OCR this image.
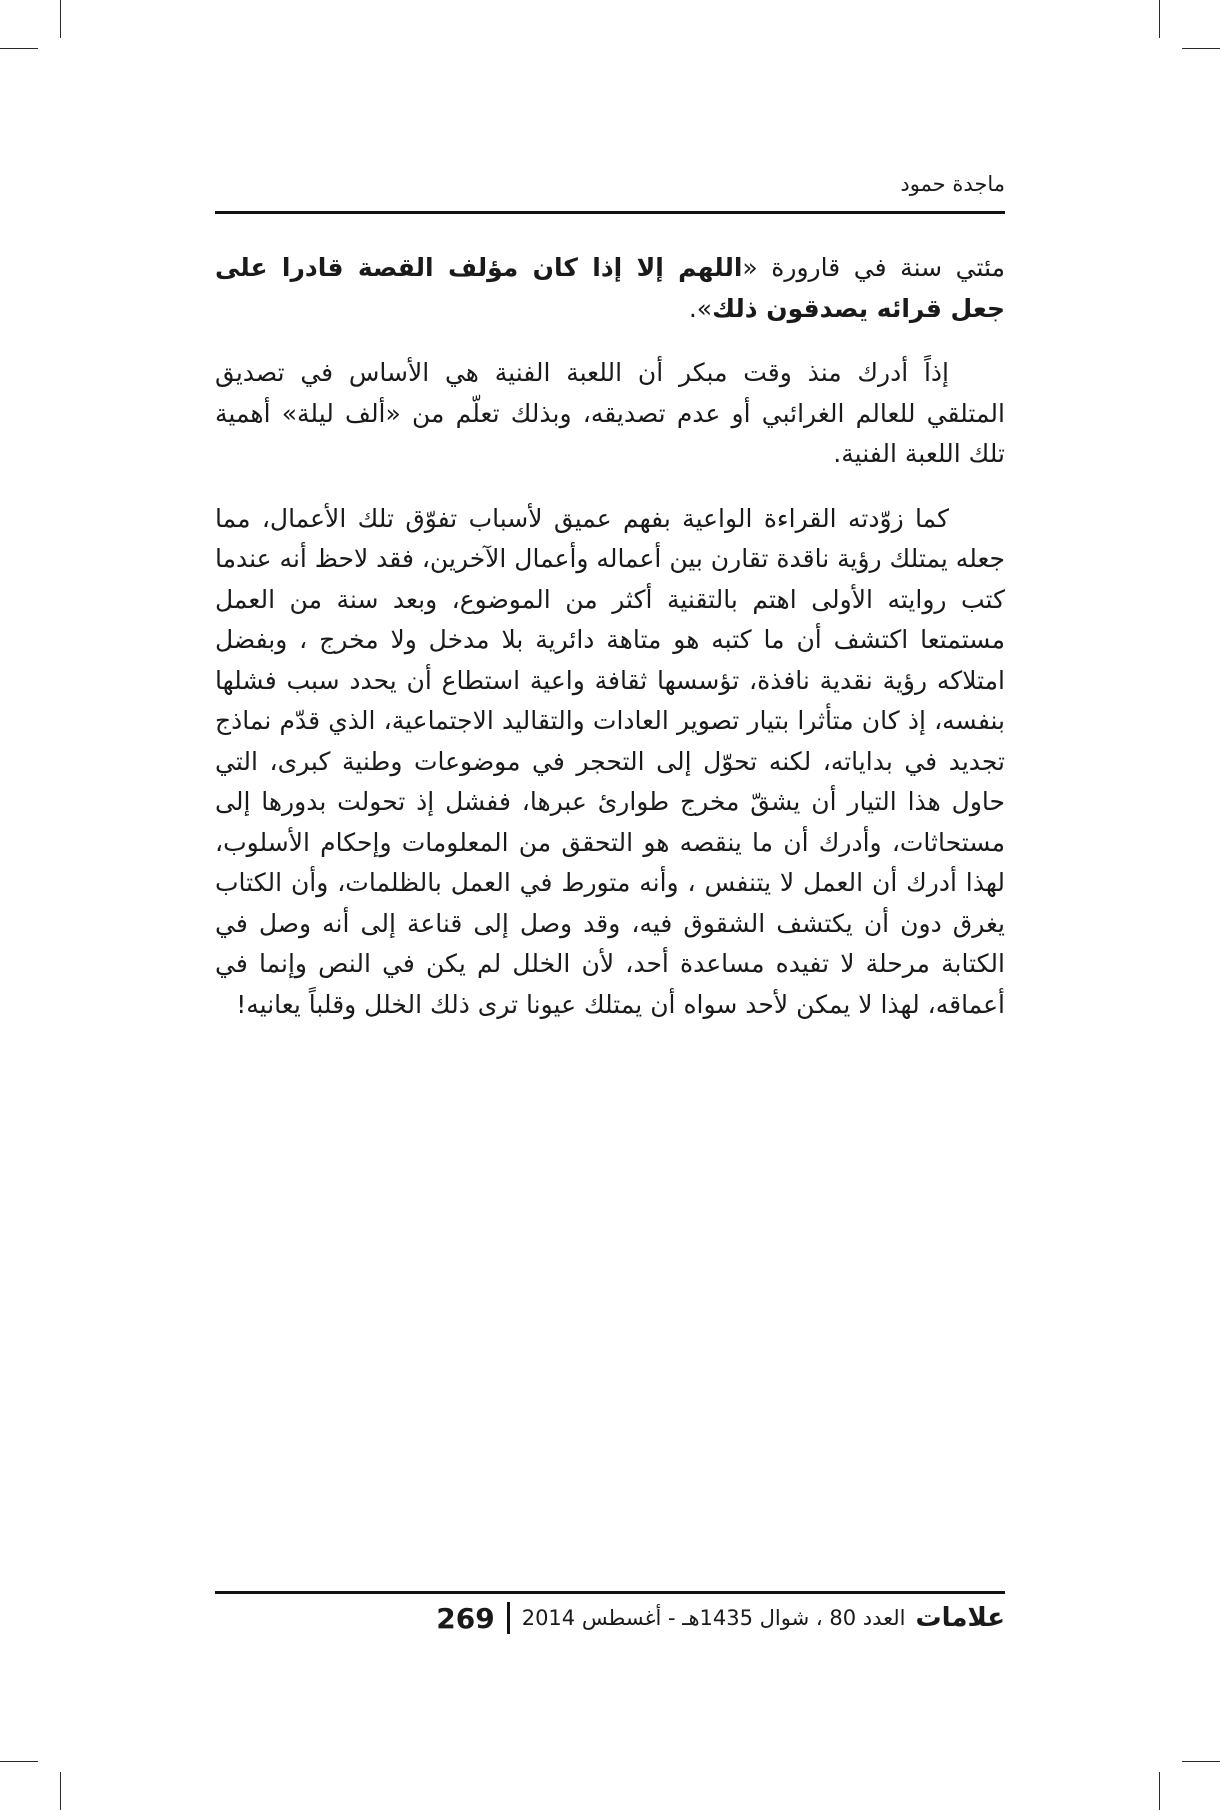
ماجدة حمود

مئتي سنة في قارورة «اللهم إلا إذا كان مؤلف القصة قادرا على جعل قرائه يصدقون ذلك».

إذاً أدرك منذ وقت مبكر أن اللعبة الفنية هي الأساس في تصديق المتلقي للعالم الغرائبي أو عدم تصديقه، وبذلك تعلّم من «ألف ليلة» أهمية تلك اللعبة الفنية.

كما زوّدته القراءة الواعية بفهم عميق لأسباب تفوّق تلك الأعمال، مما جعله يمتلك رؤية ناقدة تقارن بين أعماله وأعمال الآخرين، فقد لاحظ أنه عندما كتب روايته الأولى اهتم بالتقنية أكثر من الموضوع، وبعد سنة من العمل مستمتعا اكتشف أن ما كتبه هو متاهة دائرية بلا مدخل ولا مخرج ، وبفضل امتلاكه رؤية نقدية نافذة، تؤسسها ثقافة واعية استطاع أن يحدد سبب فشلها بنفسه، إذ كان متأثرا بتيار تصوير العادات والتقاليد الاجتماعية، الذي قدّم نماذج تجديد في بداياته، لكنه تحوّل إلى التحجر في موضوعات وطنية كبرى، التي حاول هذا التيار أن يشقّ مخرج طوارئ عبرها، ففشل إذ تحولت بدورها إلى مستحاثات، وأدرك أن ما ينقصه هو التحقق من المعلومات وإحكام الأسلوب، لهذا أدرك أن العمل لا يتنفس ، وأنه متورط في العمل بالظلمات، وأن الكتاب يغرق دون أن يكتشف الشقوق فيه، وقد وصل إلى قناعة إلى أنه وصل في الكتابة مرحلة لا تفيده مساعدة أحد، لأن الخلل لم يكن في النص وإنما في أعماقه، لهذا لا يمكن لأحد سواه أن يمتلك عيونا ترى ذلك الخلل وقلباً يعانيه!

علامات
العدد 80 ، شوال 1435هـ - أغسطس 2014
269
